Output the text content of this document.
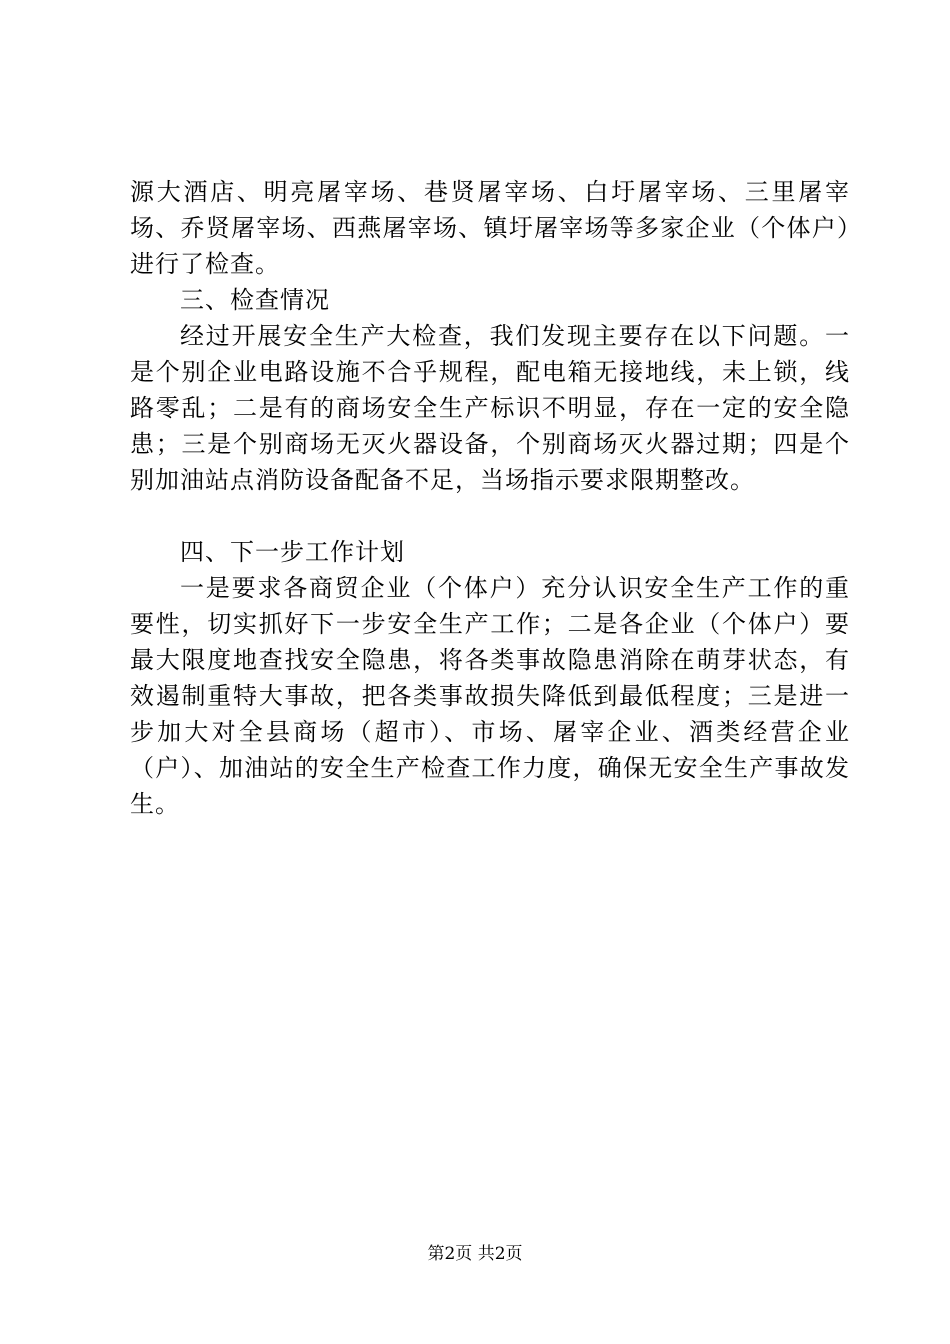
源大酒店、明亮屠宰场、巷贤屠宰场、白圩屠宰场、三里屠宰场、乔贤屠宰场、西燕屠宰场、镇圩屠宰场等多家企业（个体户）进行了检查。

三、检查情况

经过开展安全生产大检查，我们发现主要存在以下问题。一是个别企业电路设施不合乎规程，配电箱无接地线，未上锁，线路零乱；二是有的商场安全生产标识不明显，存在一定的安全隐患；三是个别商场无灭火器设备，个别商场灭火器过期；四是个别加油站点消防设备配备不足，当场指示要求限期整改。

四、下一步工作计划

一是要求各商贸企业（个体户）充分认识安全生产工作的重要性，切实抓好下一步安全生产工作；二是各企业（个体户）要最大限度地查找安全隐患，将各类事故隐患消除在萌芽状态，有效遏制重特大事故，把各类事故损失降低到最低程度；三是进一步加大对全县商场（超市）、市场、屠宰企业、酒类经营企业（户）、加油站的安全生产检查工作力度，确保无安全生产事故发生。

第2页 共2页
